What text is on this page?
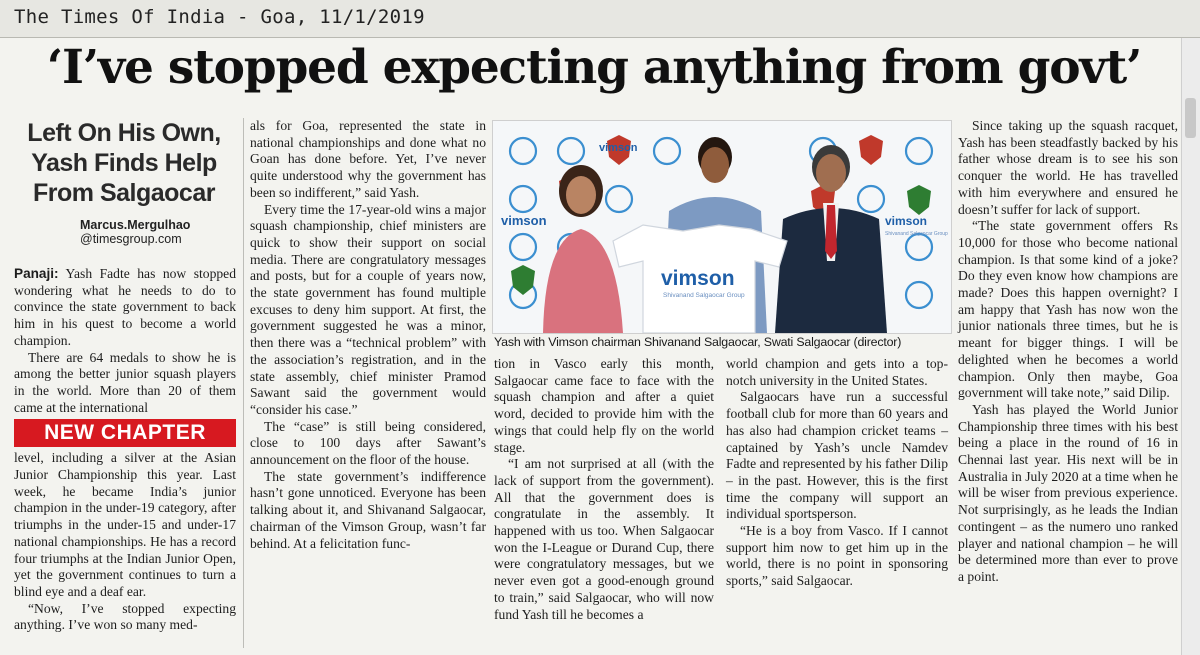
The Times Of India - Goa, 11/1/2019
‘I’ve stopped expecting anything from govt’
Left On His Own,
Yash Finds Help
From Salgaocar
Marcus.Mergulhao
@timesgroup.com

Panaji: Yash Fadte has now stopped wondering what he needs to do to convince the state government to back him in his quest to become a world champion.

There are 64 medals to show he is among the better junior squash players in the world. More than 20 of them came at the international

NEW CHAPTER

level, including a silver at the Asian Junior Championship this year. Last week, he became India’s junior champion in the under-19 category, after triumphs in the under-15 and under-17 national championships. He has a record four triumphs at the Indian Junior Open, yet the government continues to turn a blind eye and a deaf ear.

“Now, I’ve stopped expecting anything. I’ve won so many med-

als for Goa, represented the state in national championships and done what no Goan has done before. Yet, I’ve never quite understood why the government has been so indifferent,” said Yash.

Every time the 17-year-old wins a major squash championship, chief ministers are quick to show their support on social media. There are congratulatory messages and posts, but for a couple of years now, the state government has found multiple excuses to deny him support. At first, the government suggested he was a minor, then there was a “technical problem” with the association’s registration, and in the state assembly, chief minister Pramod Sawant said the government would “consider his case.”

The “case” is still being considered, close to 100 days after Sawant’s announcement on the floor of the house.

The state government’s indifference hasn’t gone unnoticed. Everyone has been talking about it, and Shivanand Salgaocar, chairman of the Vimson Group, wasn’t far behind. At a felicitation func-

vimson
vimson
vimson
Shivanand Salgaocar Group
vimson
Shivanand Salgaocar Group
Yash with Vimson chairman Shivanand Salgaocar, Swati Salgaocar (director)

tion in Vasco early this month, Salgaocar came face to face with the squash champion and after a quiet word, decided to provide him with the wings that could help fly on the world stage.

“I am not surprised at all (with the lack of support from the government). All that the government does is congratulate in the assembly. It happened with us too. When Salgaocar won the I-League or Durand Cup, there were congratulatory messages, but we never even got a good-enough ground to train,” said Salgaocar, who will now fund Yash till he becomes a

world champion and gets into a top-notch university in the United States.

Salgaocars have run a successful football club for more than 60 years and has also had champion cricket teams – captained by Yash’s uncle Namdev Fadte and represented by his father Dilip – in the past. However, this is the first time the company will support an individual sportsperson.

“He is a boy from Vasco. If I cannot support him now to get him up in the world, there is no point in sponsoring sports,” said Salgaocar.

Since taking up the squash racquet, Yash has been steadfastly backed by his father whose dream is to see his son conquer the world. He has travelled with him everywhere and ensured he doesn’t suffer for lack of support.

“The state government offers Rs 10,000 for those who become national champion. Is that some kind of a joke? Do they even know how champions are made? Does this happen overnight? I am happy that Yash has now won the junior nationals three times, but he is meant for bigger things. I will be delighted when he becomes a world champion. Only then maybe, Goa government will take note,” said Dilip.

Yash has played the World Junior Championship three times with his best being a place in the round of 16 in Chennai last year. His next will be in Australia in July 2020 at a time when he will be wiser from previous experience. Not surprisingly, as he leads the Indian contingent – as the numero uno ranked player and national champion – he will be determined more than ever to prove a point.
